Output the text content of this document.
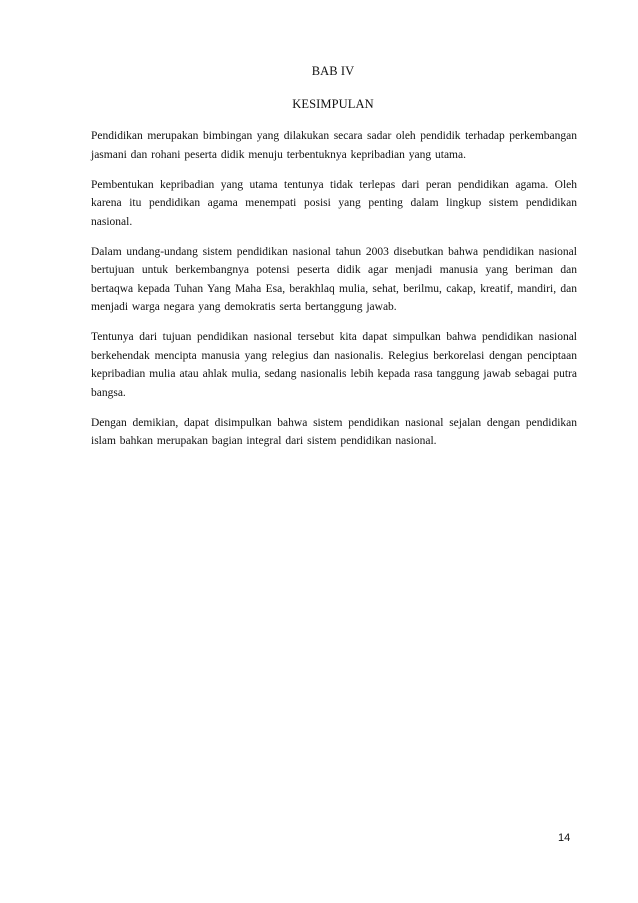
BAB IV
KESIMPULAN

Pendidikan merupakan bimbingan yang dilakukan secara sadar oleh pendidik terhadap perkembangan jasmani dan rohani peserta didik menuju terbentuknya kepribadian yang utama.

Pembentukan kepribadian yang utama tentunya tidak terlepas dari peran pendidikan agama. Oleh karena itu pendidikan agama menempati posisi yang penting dalam lingkup sistem pendidikan nasional.

Dalam undang-undang sistem pendidikan nasional tahun 2003 disebutkan bahwa pendidikan nasional bertujuan untuk berkembangnya potensi peserta didik agar menjadi manusia yang beriman dan bertaqwa kepada Tuhan Yang Maha Esa, berakhlaq mulia, sehat, berilmu, cakap, kreatif, mandiri, dan menjadi warga negara yang demokratis serta bertanggung jawab.

Tentunya dari tujuan pendidikan nasional tersebut kita dapat simpulkan bahwa pendidikan nasional berkehendak mencipta manusia yang relegius dan nasionalis. Relegius berkorelasi dengan penciptaan kepribadian mulia atau ahlak mulia, sedang nasionalis lebih kepada rasa tanggung jawab sebagai putra bangsa.

Dengan demikian, dapat disimpulkan bahwa sistem pendidikan nasional sejalan dengan pendidikan islam bahkan merupakan bagian integral dari sistem pendidikan nasional.

14
